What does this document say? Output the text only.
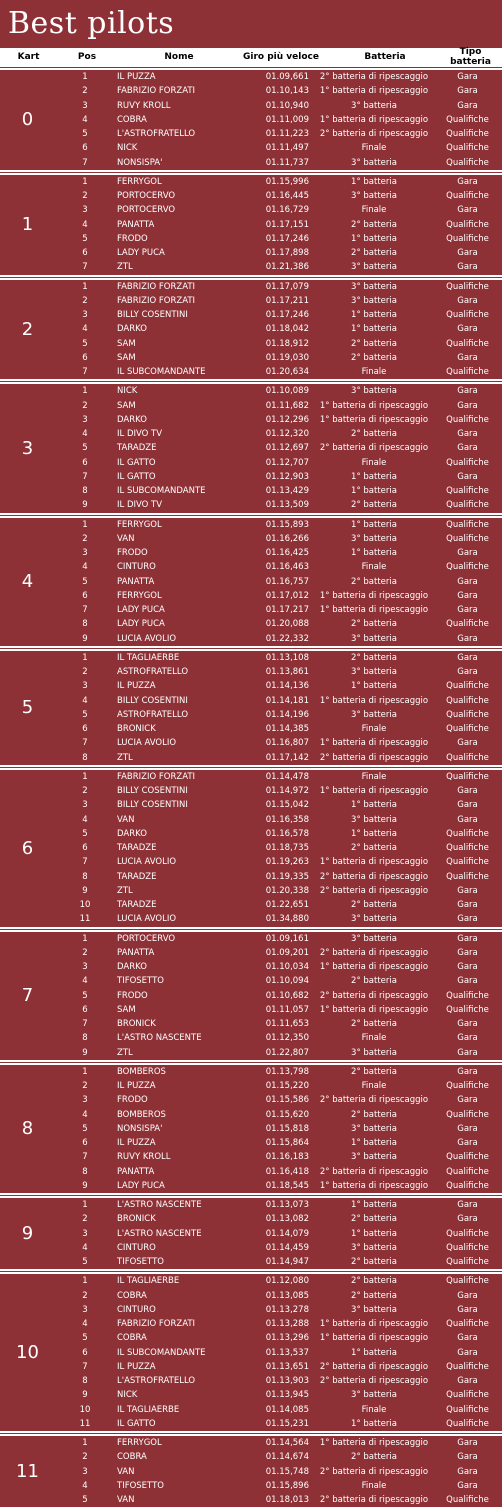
Best pilots
Kart	Pos	Nome	Giro più veloce	Batteria	Tipo batteria
0
1	IL PUZZA	01.09,661	2° batteria di ripescaggio	Gara
2	FABRIZIO FORZATI	01.10,143	1° batteria di ripescaggio	Gara
3	RUVY KROLL	01.10,940	3° batteria	Gara
4	COBRA	01.11,009	1° batteria di ripescaggio	Qualifiche
5	L'ASTROFRATELLO	01.11,223	2° batteria di ripescaggio	Qualifiche
6	NICK	01.11,497	Finale	Qualifiche
7	NONSISPA'	01.11,737	3° batteria	Qualifiche
1
1	FERRYGOL	01.15,996	1° batteria	Gara
2	PORTOCERVO	01.16,445	3° batteria	Qualifiche
3	PORTOCERVO	01.16,729	Finale	Gara
4	PANATTA	01.17,151	2° batteria	Qualifiche
5	FRODO	01.17,246	1° batteria	Qualifiche
6	LADY PUCA	01.17,898	2° batteria	Gara
7	ZTL	01.21,386	3° batteria	Gara
2
1	FABRIZIO FORZATI	01.17,079	3° batteria	Qualifiche
2	FABRIZIO FORZATI	01.17,211	3° batteria	Gara
3	BILLY COSENTINI	01.17,246	1° batteria	Qualifiche
4	DARKO	01.18,042	1° batteria	Gara
5	SAM	01.18,912	2° batteria	Qualifiche
6	SAM	01.19,030	2° batteria	Gara
7	IL SUBCOMANDANTE	01.20,634	Finale	Qualifiche
3
1	NICK	01.10,089	3° batteria	Gara
2	SAM	01.11,682	1° batteria di ripescaggio	Gara
3	DARKO	01.12,296	1° batteria di ripescaggio	Qualifiche
4	IL DIVO TV	01.12,320	2° batteria	Gara
5	TARADZE	01.12,697	2° batteria di ripescaggio	Gara
6	IL GATTO	01.12,707	Finale	Qualifiche
7	IL GATTO	01.12,903	1° batteria	Gara
8	IL SUBCOMANDANTE	01.13,429	1° batteria	Qualifiche
9	IL DIVO TV	01.13,509	2° batteria	Qualifiche
4
1	FERRYGOL	01.15,893	1° batteria	Qualifiche
2	VAN	01.16,266	3° batteria	Qualifiche
3	FRODO	01.16,425	1° batteria	Gara
4	CINTURO	01.16,463	Finale	Qualifiche
5	PANATTA	01.16,757	2° batteria	Gara
6	FERRYGOL	01.17,012	1° batteria di ripescaggio	Gara
7	LADY PUCA	01.17,217	1° batteria di ripescaggio	Gara
8	LADY PUCA	01.20,088	2° batteria	Qualifiche
9	LUCIA AVOLIO	01.22,332	3° batteria	Gara
5
1	IL TAGLIAERBE	01.13,108	2° batteria	Gara
2	ASTROFRATELLO	01.13,861	3° batteria	Gara
3	IL PUZZA	01.14,136	1° batteria	Qualifiche
4	BILLY COSENTINI	01.14,181	1° batteria di ripescaggio	Qualifiche
5	ASTROFRATELLO	01.14,196	3° batteria	Qualifiche
6	BRONICK	01.14,385	Finale	Qualifiche
7	LUCIA AVOLIO	01.16,807	1° batteria di ripescaggio	Gara
8	ZTL	01.17,142	2° batteria di ripescaggio	Qualifiche
6
1	FABRIZIO FORZATI	01.14,478	Finale	Qualifiche
2	BILLY COSENTINI	01.14,972	1° batteria di ripescaggio	Gara
3	BILLY COSENTINI	01.15,042	1° batteria	Gara
4	VAN	01.16,358	3° batteria	Gara
5	DARKO	01.16,578	1° batteria	Qualifiche
6	TARADZE	01.18,735	2° batteria	Qualifiche
7	LUCIA AVOLIO	01.19,263	1° batteria di ripescaggio	Qualifiche
8	TARADZE	01.19,335	2° batteria di ripescaggio	Qualifiche
9	ZTL	01.20,338	2° batteria di ripescaggio	Gara
10	TARADZE	01.22,651	2° batteria	Gara
11	LUCIA AVOLIO	01.34,880	3° batteria	Gara
7
1	PORTOCERVO	01.09,161	3° batteria	Gara
2	PANATTA	01.09,201	2° batteria di ripescaggio	Gara
3	DARKO	01.10,034	1° batteria di ripescaggio	Gara
4	TIFOSETTO	01.10,094	2° batteria	Gara
5	FRODO	01.10,682	2° batteria di ripescaggio	Qualifiche
6	SAM	01.11,057	1° batteria di ripescaggio	Qualifiche
7	BRONICK	01.11,653	2° batteria	Gara
8	L'ASTRO NASCENTE	01.12,350	Finale	Gara
9	ZTL	01.22,807	3° batteria	Gara
8
1	BOMBEROS	01.13,798	2° batteria	Gara
2	IL PUZZA	01.15,220	Finale	Qualifiche
3	FRODO	01.15,586	2° batteria di ripescaggio	Gara
4	BOMBEROS	01.15,620	2° batteria	Qualifiche
5	NONSISPA'	01.15,818	3° batteria	Gara
6	IL PUZZA	01.15,864	1° batteria	Gara
7	RUVY KROLL	01.16,183	3° batteria	Qualifiche
8	PANATTA	01.16,418	2° batteria di ripescaggio	Qualifiche
9	LADY PUCA	01.18,545	1° batteria di ripescaggio	Qualifiche
9
1	L'ASTRO NASCENTE	01.13,073	1° batteria	Gara
2	BRONICK	01.13,082	2° batteria	Gara
3	L'ASTRO NASCENTE	01.14,079	1° batteria	Qualifiche
4	CINTURO	01.14,459	3° batteria	Qualifiche
5	TIFOSETTO	01.14,947	2° batteria	Qualifiche
10
1	IL TAGLIAERBE	01.12,080	2° batteria	Qualifiche
2	COBRA	01.13,085	2° batteria	Gara
3	CINTURO	01.13,278	3° batteria	Gara
4	FABRIZIO FORZATI	01.13,288	1° batteria di ripescaggio	Qualifiche
5	COBRA	01.13,296	1° batteria di ripescaggio	Gara
6	IL SUBCOMANDANTE	01.13,537	1° batteria	Gara
7	IL PUZZA	01.13,651	2° batteria di ripescaggio	Qualifiche
8	L'ASTROFRATELLO	01.13,903	2° batteria di ripescaggio	Gara
9	NICK	01.13,945	3° batteria	Qualifiche
10	IL TAGLIAERBE	01.14,085	Finale	Qualifiche
11	IL GATTO	01.15,231	1° batteria	Qualifiche
11
1	FERRYGOL	01.14,564	1° batteria di ripescaggio	Gara
2	COBRA	01.14,674	2° batteria	Gara
3	VAN	01.15,748	2° batteria di ripescaggio	Gara
4	TIFOSETTO	01.15,896	Finale	Gara
5	VAN	01.18,013	2° batteria di ripescaggio	Qualifiche
